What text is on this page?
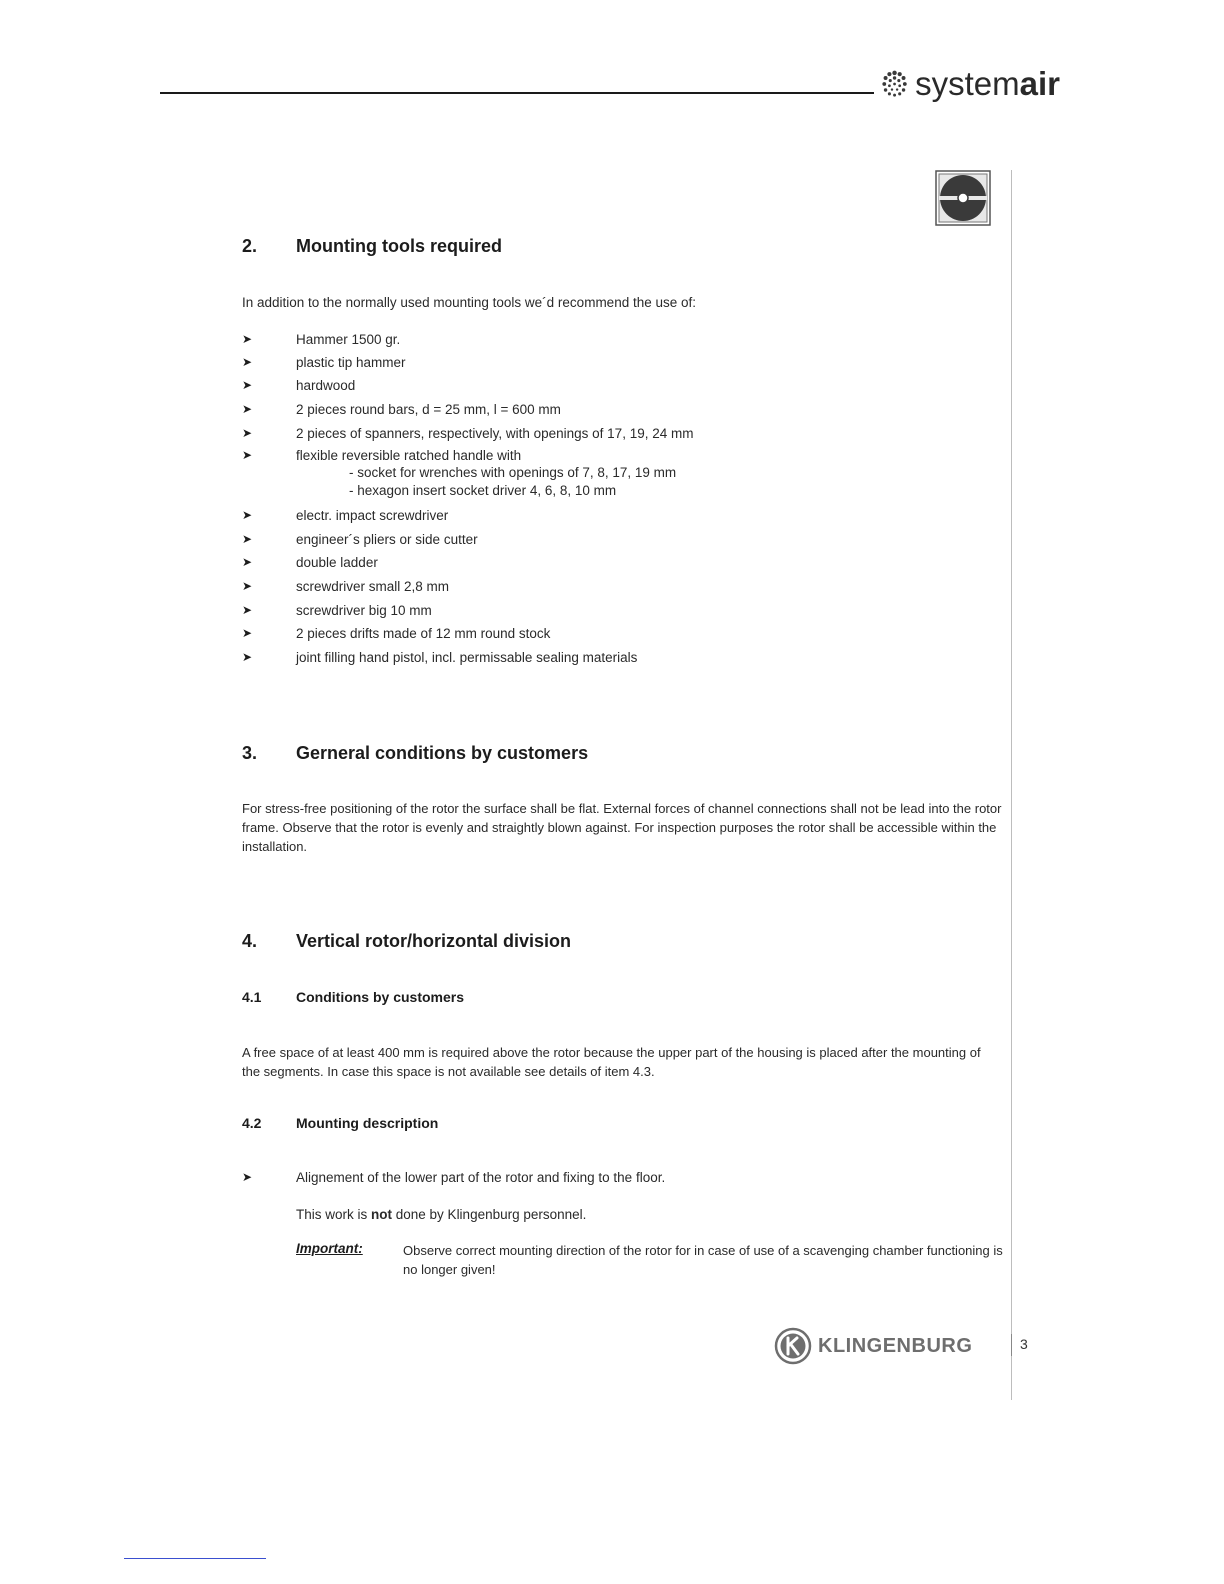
systemair
2. Mounting tools required
In addition to the normally used mounting tools we´d recommend the use of:
➤	Hammer 1500 gr.
➤	plastic tip hammer
➤	hardwood
➤	2 pieces round bars, d = 25 mm, l = 600 mm
➤	2 pieces of spanners, respectively, with openings of 17, 19, 24 mm
➤	flexible reversible ratched handle with
- socket for wrenches with openings of 7, 8, 17, 19 mm
- hexagon insert socket driver 4, 6, 8, 10 mm
➤	electr. impact screwdriver
➤	engineer´s pliers or side cutter
➤	double ladder
➤	screwdriver small 2,8 mm
➤	screwdriver big 10 mm
➤	2 pieces drifts made of 12 mm round stock
➤	joint filling hand pistol, incl. permissable sealing materials
3. Gerneral conditions by customers
For stress-free positioning of the rotor the surface shall be flat. External forces of channel connections shall not be lead into the rotor
frame. Observe that the rotor is evenly and straightly blown against. For inspection purposes the rotor shall be accessible within the
installation.
4. Vertical rotor/horizontal division
4.1 Conditions by customers
A free space of at least 400 mm is required above the rotor because the upper part of the housing is placed after the mounting of
the segments. In case this space is not available see details of item 4.3.
4.2 Mounting description
➤	Alignement of the lower part of the rotor and fixing to the floor.
This work is not done by Klingenburg personnel.
Important:	Observe correct mounting direction of the rotor for in case of use of a scavenging chamber functioning is
no longer given!
KLINGENBURG	3
